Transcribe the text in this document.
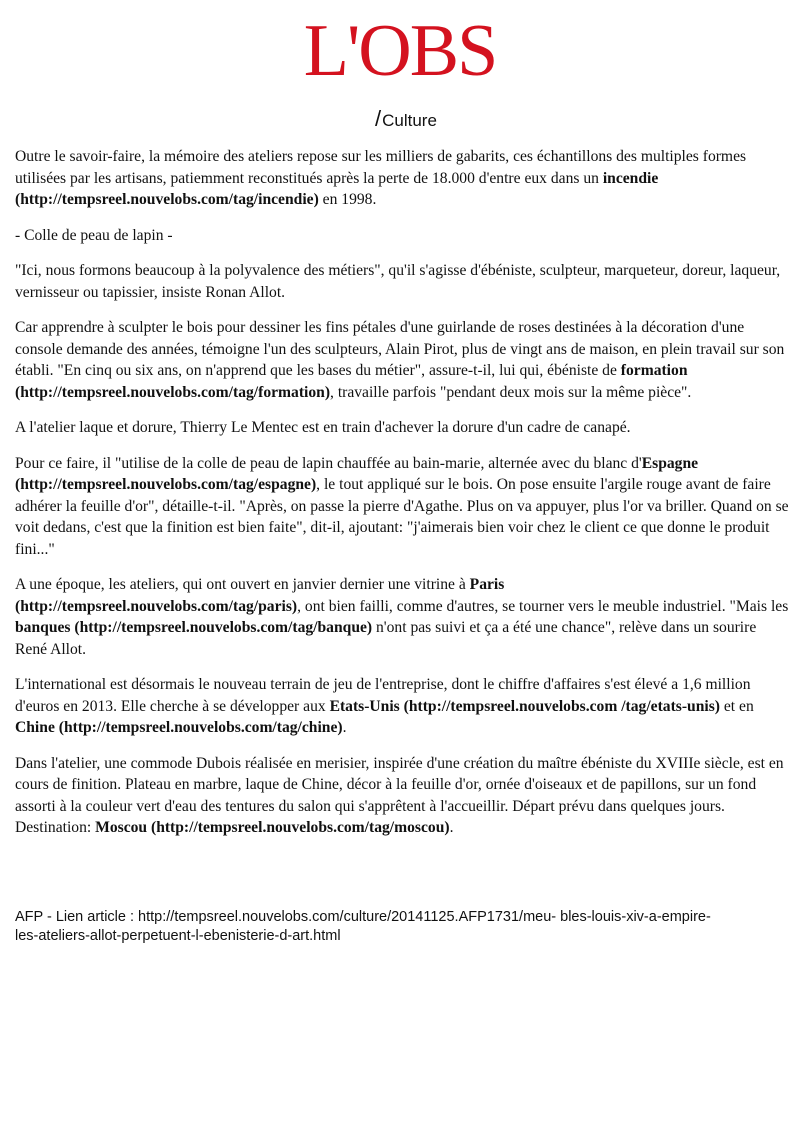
L'OBS
/Culture

Outre le savoir-faire, la mémoire des ateliers repose sur les milliers de gabarits, ces échantillons des multiples formes utilisées par les artisans, patiemment reconstitués après la perte de 18.000 d'entre eux dans un incendie (http://tempsreel.nouvelobs.com/tag/incendie) en 1998.

- Colle de peau de lapin -

"Ici, nous formons beaucoup à la polyvalence des métiers", qu'il s'agisse d'ébéniste, sculpteur, marqueteur, doreur, laqueur, vernisseur ou tapissier, insiste Ronan Allot.

Car apprendre à sculpter le bois pour dessiner les fins pétales d'une guirlande de roses destinées à la décoration d'une console demande des années, témoigne l'un des sculpteurs, Alain Pirot, plus de vingt ans de maison, en plein travail sur son établi. "En cinq ou six ans, on n'apprend que les bases du métier", assure-t-il, lui qui, ébéniste de formation (http://tempsreel.nouvelobs.com/tag/formation), travaille parfois "pendant deux mois sur la même pièce".

A l'atelier laque et dorure, Thierry Le Mentec est en train d'achever la dorure d'un cadre de canapé.

Pour ce faire, il "utilise de la colle de peau de lapin chauffée au bain-marie, alternée avec du blanc d'Espagne (http://tempsreel.nouvelobs.com/tag/espagne), le tout appliqué sur le bois. On pose ensuite l'argile rouge avant de faire adhérer la feuille d'or", détaille-t-il. "Après, on passe la pierre d'Agathe. Plus on va appuyer, plus l'or va briller. Quand on se voit dedans, c'est que la finition est bien faite", dit-il, ajoutant: "j'aimerais bien voir chez le client ce que donne le produit fini..."

A une époque, les ateliers, qui ont ouvert en janvier dernier une vitrine à Paris (http://tempsreel.nouvelobs.com/tag/paris), ont bien failli, comme d'autres, se tourner vers le meuble industriel. "Mais les banques (http://tempsreel.nouvelobs.com/tag/banque) n'ont pas suivi et ça a été une chance", relève dans un sourire René Allot.

L'international est désormais le nouveau terrain de jeu de l'entreprise, dont le chiffre d'affaires s'est élevé a 1,6 million d'euros en 2013. Elle cherche à se développer aux Etats-Unis (http://tempsreel.nouvelobs.com /tag/etats-unis) et en Chine (http://tempsreel.nouvelobs.com/tag/chine).

Dans l'atelier, une commode Dubois réalisée en merisier, inspirée d'une création du maître ébéniste du XVIIIe siècle, est en cours de finition. Plateau en marbre, laque de Chine, décor à la feuille d'or, ornée d'oiseaux et de papillons, sur un fond assorti à la couleur vert d'eau des tentures du salon qui s'apprêtent à l'accueillir. Départ prévu dans quelques jours. Destination: Moscou (http://tempsreel.nouvelobs.com/tag/moscou).

AFP - Lien article : http://tempsreel.nouvelobs.com/culture/20141125.AFP1731/meu- bles-louis-xiv-a-empire-les-ateliers-allot-perpetuent-l-ebenisterie-d-art.html
